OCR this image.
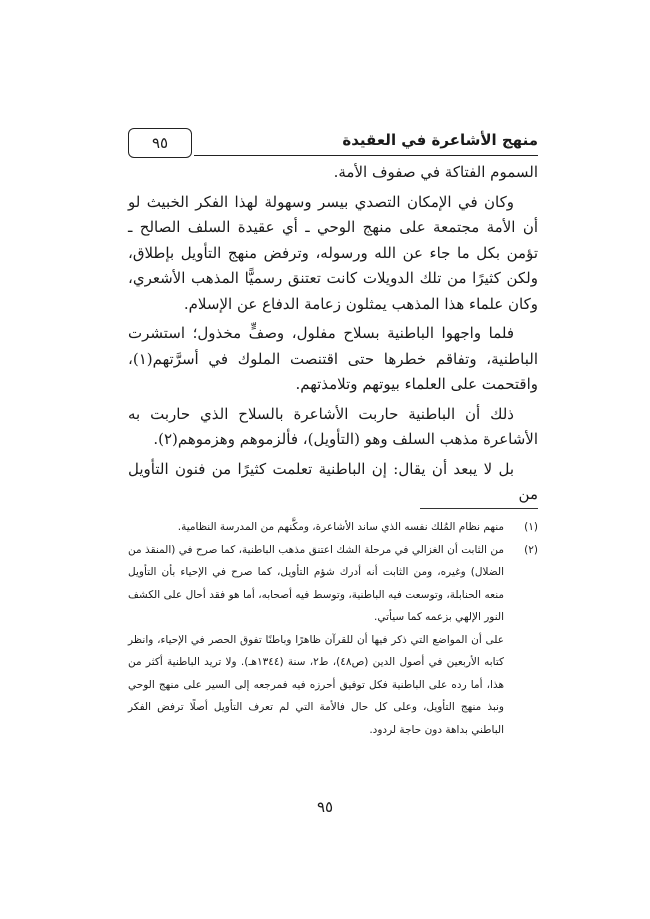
منهج الأشاعرة في العقيدة
٩٥

السموم الفتاكة في صفوف الأمة.

وكان في الإمكان التصدي بيسر وسهولة لهذا الفكر الخبيث لو أن الأمة مجتمعة على منهج الوحي ـ أي عقيدة السلف الصالح ـ تؤمن بكل ما جاء عن الله ورسوله، وترفض منهج التأويل بإطلاق، ولكن كثيرًا من تلك الدويلات كانت تعتنق رسميًّا المذهب الأشعري، وكان علماء هذا المذهب يمثلون زعامة الدفاع عن الإسلام.

فلما واجهوا الباطنية بسلاح مفلول، وصفٍّ مخذول؛ استشرت الباطنية، وتفاقم خطرها حتى اقتنصت الملوك في أسرَّتهم(١)، واقتحمت على العلماء بيوتهم وتلامذتهم.

ذلك أن الباطنية حاربت الأشاعرة بالسلاح الذي حاربت به الأشاعرة مذهب السلف وهو (التأويل)، فألزموهم وهزموهم(٢).

بل لا يبعد أن يقال: إن الباطنية تعلمت كثيرًا من فنون التأويل من

(١)
منهم نظام المُلك نفسه الذي ساند الأشاعرة، ومكَّنهم من المدرسة النظامية.
(٢)
من الثابت أن الغزالي في مرحلة الشك اعتنق مذهب الباطنية، كما صرح في (المنقذ من الضلال) وغيره، ومن الثابت أنه أدرك شؤم التأويل، كما صرح في الإحياء بأن التأويل منعه الحنابلة، وتوسعت فيه الباطنية، وتوسط فيه أصحابه، أما هو فقد أحال على الكشف النور الإلهي بزعمه كما سيأتي.
على أن المواضع التي ذكر فيها أن للقرآن ظاهرًا وباطنًا تفوق الحصر في الإحياء، وانظر كتابه الأربعين في أصول الدين (ص٤٨)، ط٢، سنة (١٣٤٤هـ). ولا تريد الباطنية أكثر من هذا، أما رده على الباطنية فكل توفيق أحرزه فيه فمرجعه إلى السير على منهج الوحي ونبذ منهج التأويل، وعلى كل حال فالأمة التي لم تعرف التأويل أصلًا ترفض الفكر الباطني بداهة دون حاجة لردود.
٩٥
